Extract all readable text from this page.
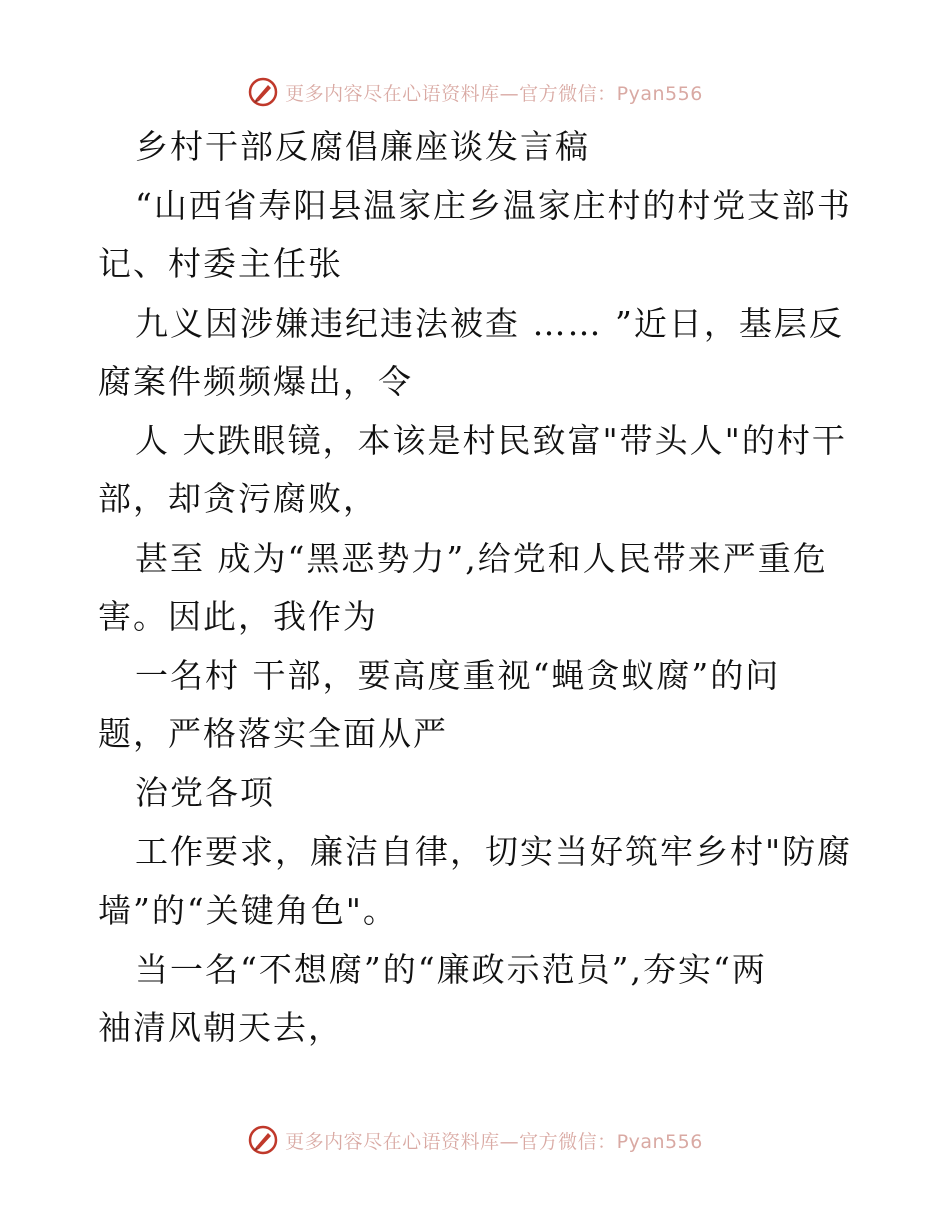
更多内容尽在心语资料库—官方微信：Pyan556
乡村干部反腐倡廉座谈发言稿
“山西省寿阳县温家庄乡温家庄村的村党支部书
记、村委主任张
九义因涉嫌违纪违法被查 …… ”近日，基层反
腐案件频频爆出，令
人 大跌眼镜，本该是村民致富"带头人"的村干
部，却贪污腐败，
甚至 成为“黑恶势力”,给党和人民带来严重危
害。因此，我作为
一名村 干部，要高度重视“蝇贪蚁腐”的问
题，严格落实全面从严
治党各项
工作要求，廉洁自律，切实当好筑牢乡村"防腐
墙”的“关键角色"。
当一名“不想腐”的“廉政示范员”,夯实“两
袖清风朝天去，
更多内容尽在心语资料库—官方微信：Pyan556
